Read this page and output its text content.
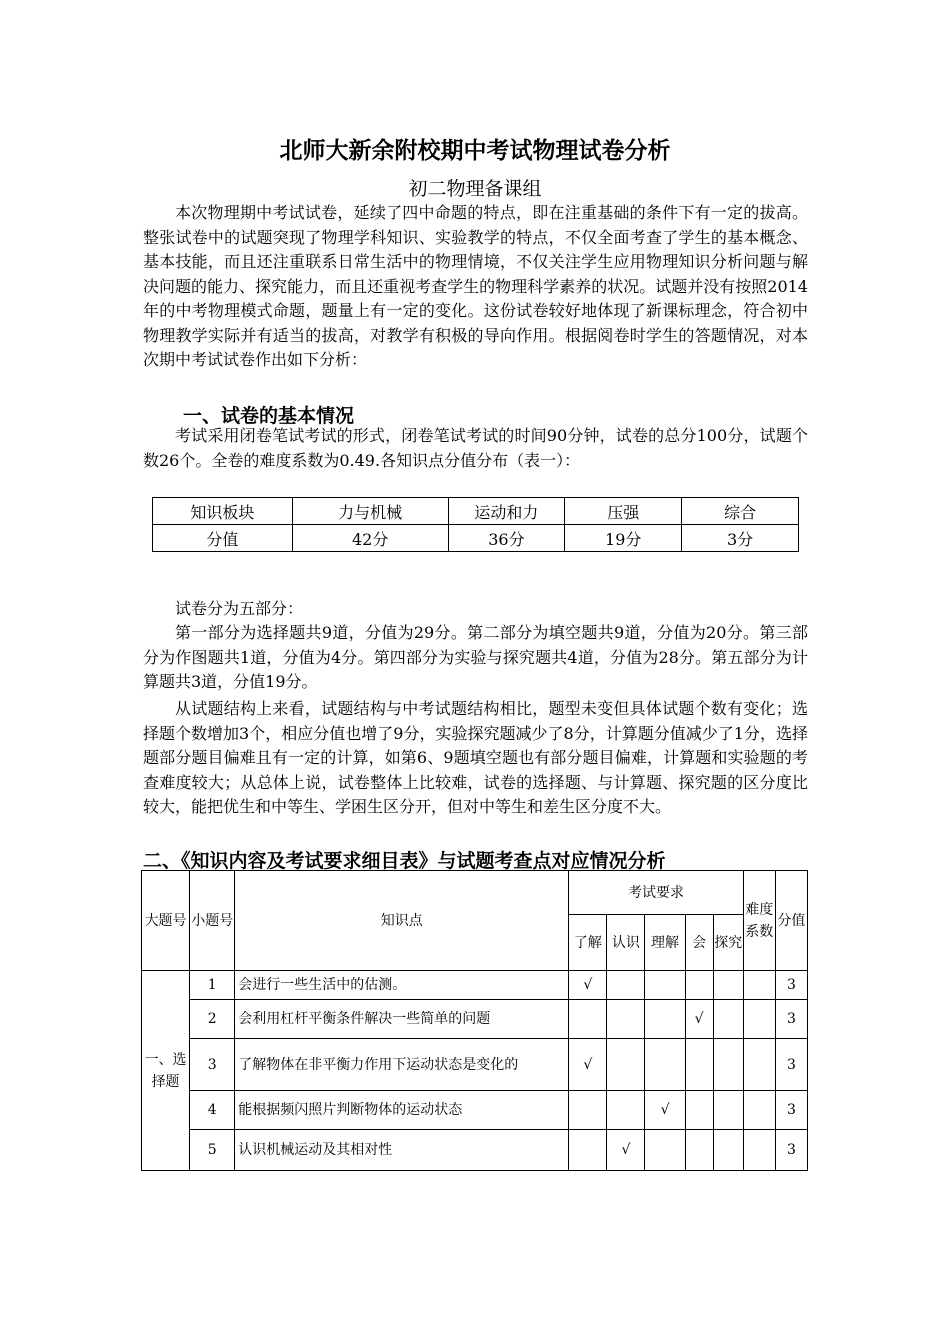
北师大新余附校期中考试物理试卷分析
初二物理备课组

本次物理期中考试试卷，延续了四中命题的特点，即在注重基础的条件下有一定的拔高。整张试卷中的试题突现了物理学科知识、实验教学的特点，不仅全面考查了学生的基本概念、基本技能，而且还注重联系日常生活中的物理情境，不仅关注学生应用物理知识分析问题与解决问题的能力、探究能力，而且还重视考查学生的物理科学素养的状况。试题并没有按照2014年的中考物理模式命题，题量上有一定的变化。这份试卷较好地体现了新课标理念，符合初中物理教学实际并有适当的拔高，对教学有积极的导向作用。根据阅卷时学生的答题情况，对本次期中考试试卷作出如下分析：

一、试卷的基本情况

考试采用闭卷笔试考试的形式，闭卷笔试考试的时间90分钟，试卷的总分100分，试题个数26个。全卷的难度系数为0.49.各知识点分值分布（表一）：

知识板块	力与机械	运动和力	压强	综合
分值	42分	36分	19分	3分

试卷分为五部分：

第一部分为选择题共9道，分值为29分。第二部分为填空题共9道，分值为20分。第三部分为作图题共1道，分值为4分。第四部分为实验与探究题共4道，分值为28分。第五部分为计算题共3道，分值19分。

从试题结构上来看，试题结构与中考试题结构相比，题型未变但具体试题个数有变化；选择题个数增加3个，相应分值也增了9分，实验探究题减少了8分，计算题分值减少了1分，选择题部分题目偏难且有一定的计算，如第6、9题填空题也有部分题目偏难，计算题和实验题的考查难度较大；从总体上说，试卷整体上比较难，试卷的选择题、与计算题、探究题的区分度比较大，能把优生和中等生、学困生区分开，但对中等生和差生区分度不大。

二、《知识内容及考试要求细目表》与试题考查点对应情况分析
大题号	小题号	知识点	考试要求					难度系数	分值
			了解	认识	理解	会	探究		
一、选择题	1	会进行一些生活中的估测。	√						3
	2	会利用杠杆平衡条件解决一些简单的问题				√			3
	3	了解物体在非平衡力作用下运动状态是变化的	√						3
	4	能根据频闪照片判断物体的运动状态			√				3
	5	认识机械运动及其相对性		√					3
